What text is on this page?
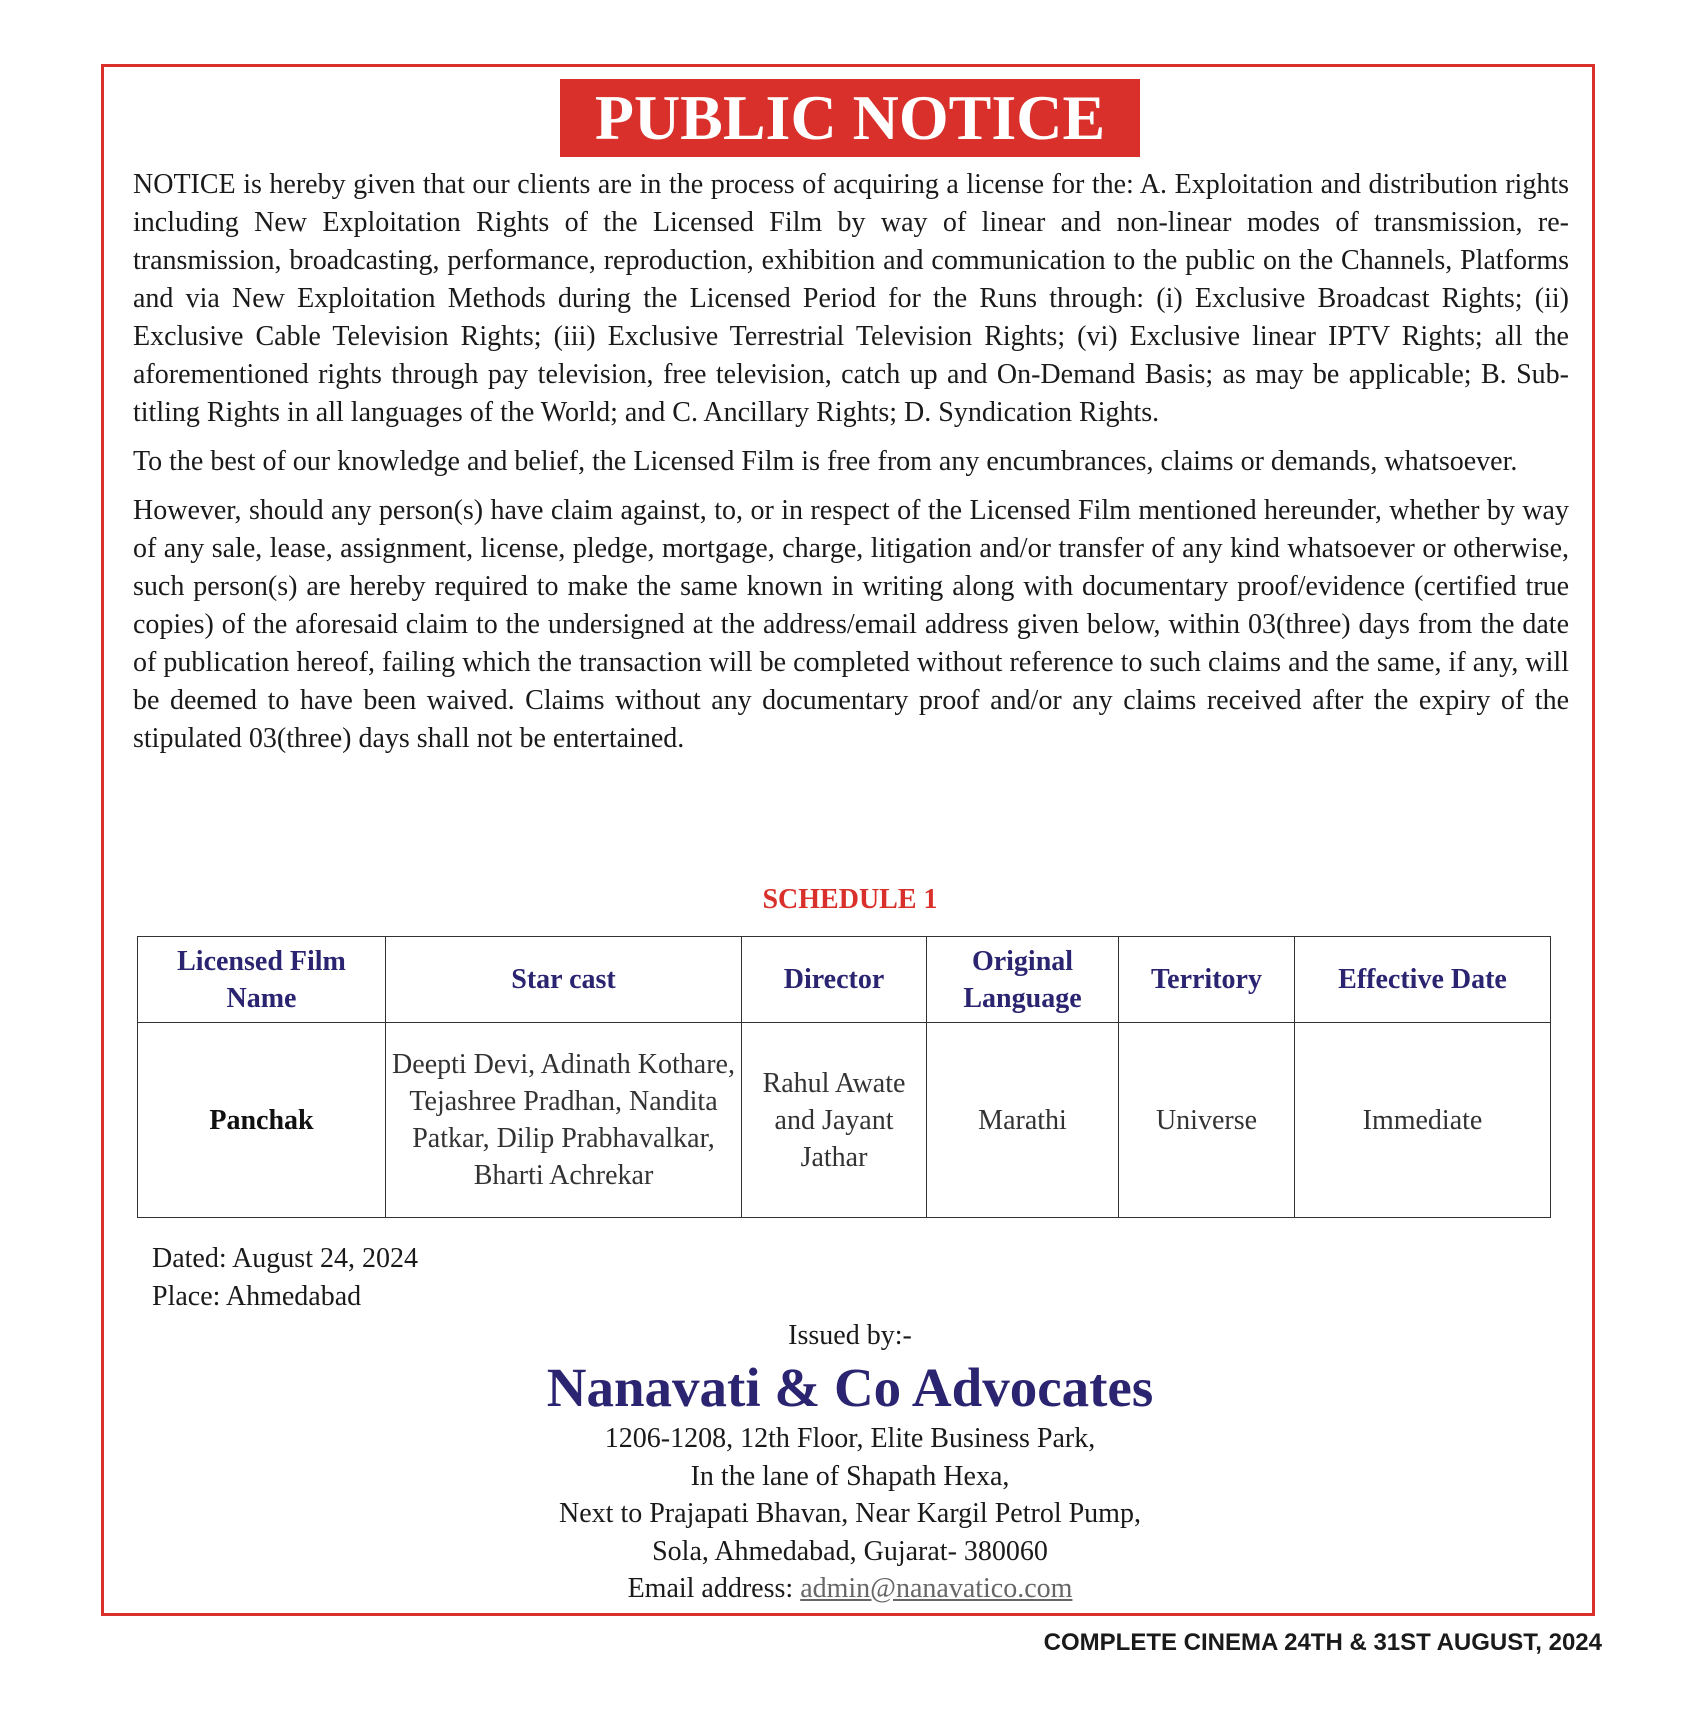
PUBLIC NOTICE

NOTICE is hereby given that our clients are in the process of acquiring a license for the: A. Exploitation and distribution rights including New Exploitation Rights of the Licensed Film by way of linear and non-linear modes of transmission, re-transmission, broadcasting, performance, reproduction, exhibition and communication to the public on the Channels, Platforms and via New Exploitation Methods during the Licensed Period for the Runs through: (i) Exclusive Broadcast Rights; (ii) Exclusive Cable Television Rights; (iii) Exclusive Terrestrial Television Rights; (vi) Exclusive linear IPTV Rights; all the aforementioned rights through pay television, free television, catch up and On-Demand Basis; as may be applicable; B. Sub-titling Rights in all languages of the World; and C. Ancillary Rights; D. Syndication Rights.

To the best of our knowledge and belief, the Licensed Film is free from any encumbrances, claims or demands, whatsoever.

However, should any person(s) have claim against, to, or in respect of the Licensed Film mentioned hereunder, whether by way of any sale, lease, assignment, license, pledge, mortgage, charge, litigation and/or transfer of any kind whatsoever or otherwise, such person(s) are hereby required to make the same known in writing along with documentary proof/evidence (certified true copies) of the aforesaid claim to the undersigned at the address/email address given below, within 03(three) days from the date of publication hereof, failing which the transaction will be completed without reference to such claims and the same, if any, will be deemed to have been waived. Claims without any documentary proof and/or any claims received after the expiry of the stipulated 03(three) days shall not be entertained.

SCHEDULE 1
Licensed Film Name	Star cast	Director	Original Language	Territory	Effective Date
Panchak	Deepti Devi, Adinath Kothare, Tejashree Pradhan, Nandita Patkar, Dilip Prabhavalkar, Bharti Achrekar	Rahul Awate and Jayant Jathar	Marathi	Universe	Immediate
Dated: August 24, 2024
Place: Ahmedabad
Issued by:-
Nanavati & Co Advocates
1206-1208, 12th Floor, Elite Business Park,
In the lane of Shapath Hexa,
Next to Prajapati Bhavan, Near Kargil Petrol Pump,
Sola, Ahmedabad, Gujarat- 380060
Email address: admin@nanavatico.com
COMPLETE CINEMA 24TH & 31ST AUGUST, 2024
